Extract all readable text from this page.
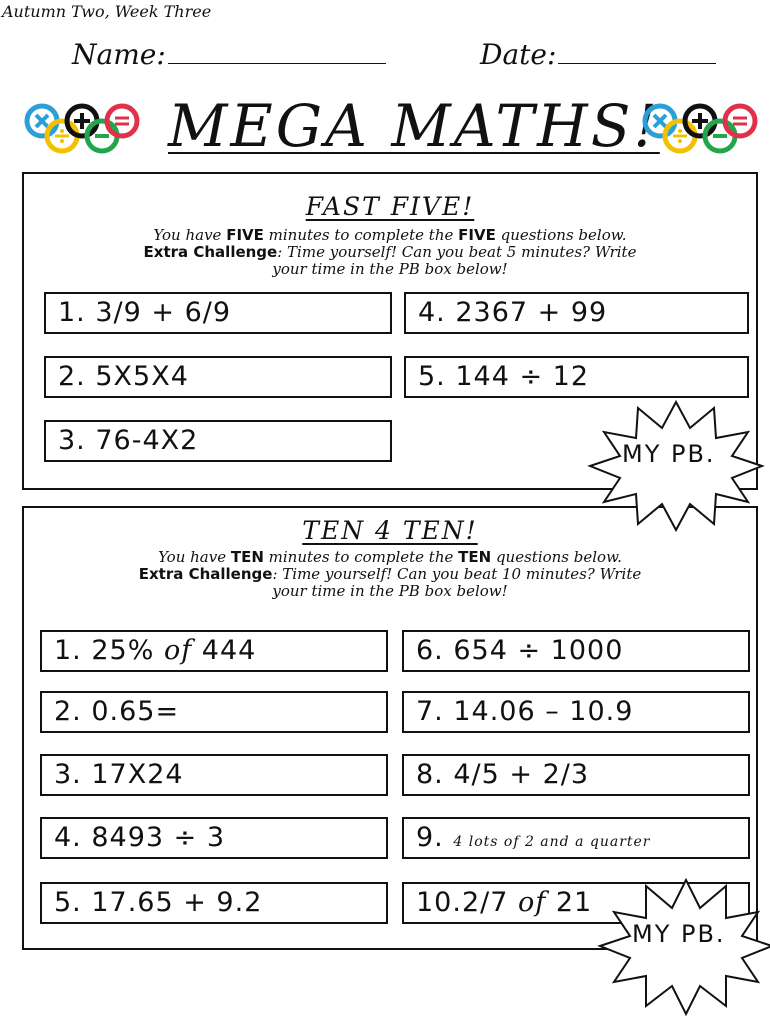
Autumn Two, Week Three
Name:	Date:
MEGA MATHS!
FAST FIVE!
You have FIVE minutes to complete the FIVE questions below.
Extra Challenge: Time yourself! Can you beat 5 minutes? Write
your time in the PB box below!
1. 3/9 + 6/9
2. 5X5X4
3. 76-4X2
4. 2367 + 99
5. 144 ÷ 12
TEN 4 TEN!
You have TEN minutes to complete the TEN questions below.
Extra Challenge: Time yourself! Can you beat 10 minutes? Write
your time in the PB box below!
1. 25% of 444
2. 0.65=
3. 17X24
4. 8493 ÷ 3
5. 17.65 + 9.2
6. 654 ÷ 1000
7. 14.06 – 10.9
8. 4/5 + 2/3
9. 4 lots of 2 and a quarter
10.2/7 of 21
MY PB.
MY PB.
